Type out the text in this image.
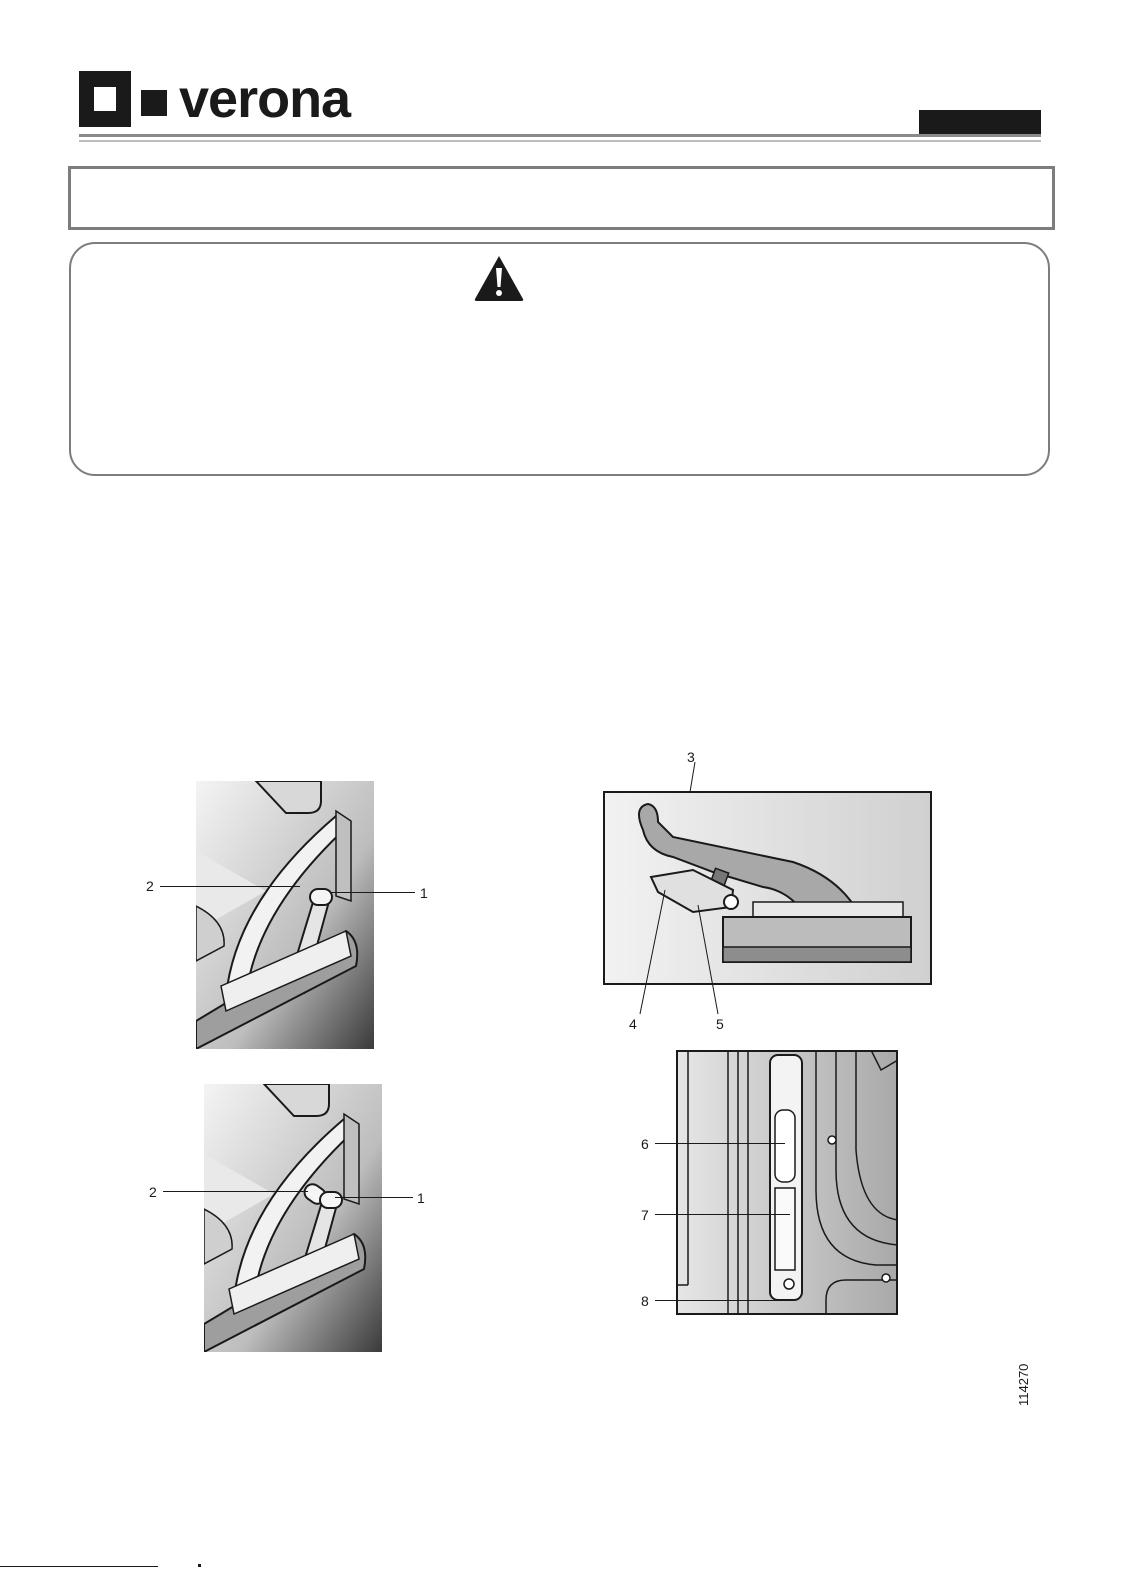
verona
2	1
2	1
3
4	5
6
7
8
114270
